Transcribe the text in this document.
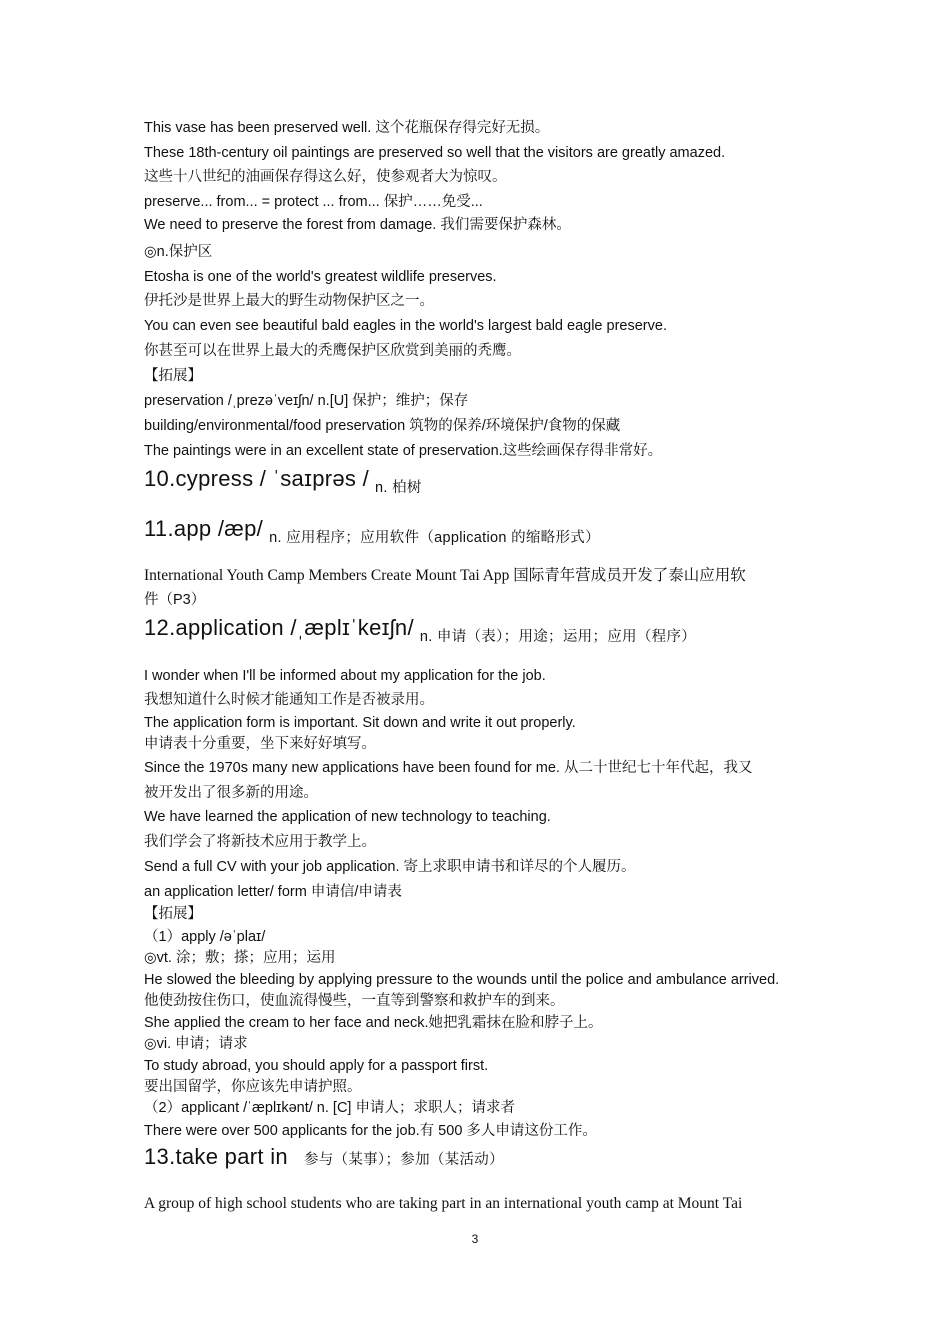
This vase has been preserved well. 这个花瓶保存得完好无损。
These 18th-century oil paintings are preserved so well that the visitors are greatly amazed.
这些十八世纪的油画保存得这么好，使参观者大为惊叹。
preserve... from... = protect ... from... 保护……免受...
We need to preserve the forest from damage. 我们需要保护森林。
◎n.保护区
Etosha is one of the world's greatest wildlife preserves.
伊托沙是世界上最大的野生动物保护区之一。
You can even see beautiful bald eagles in the world's largest bald eagle preserve.
你甚至可以在世界上最大的秃鹰保护区欣赏到美丽的秃鹰。
【拓展】
preservation /ˌprezəˈveɪʃn/ n.[U] 保护；维护；保存
building/environmental/food preservation 筑物的保养/环境保护/食物的保藏
The paintings were in an excellent state of preservation.这些绘画保存得非常好。
10.cypress / ˈsaɪprəs / $_{n. 柏树}$
11.app /æp/ $_{n. 应用程序;应用软件(application 的缩略形式)}$
International Youth Camp Members Create Mount Tai App 国际青年营成员开发了泰山应用软
件（P3）
12.application /ˌæplɪˈkeɪʃn/ $_{n. 申请(表);用途;运用;应用(程序)}$
I wonder when I'll be informed about my application for the job.
我想知道什么时候才能通知工作是否被录用。
The application form is important. Sit down and write it out properly.
申请表十分重要，坐下来好好填写。
Since the 1970s many new applications have been found for me. 从二十世纪七十年代起，我又
被开发出了很多新的用途。
We have learned the application of new technology to teaching.
我们学会了将新技术应用于教学上。
Send a full CV with your job application. 寄上求职申请书和详尽的个人履历。
an application letter/ form 申请信/申请表
【拓展】
（1）apply /əˈplaɪ/
◎vt. 涂；敷；搽；应用；运用
He slowed the bleeding by applying pressure to the wounds until the police and ambulance arrived.
他使劲按住伤口，使血流得慢些，一直等到警察和救护车的到来。
She applied the cream to her face and neck.她把乳霜抹在脸和脖子上。
◎vi. 申请；请求
To study abroad, you should apply for a passport first.
要出国留学，你应该先申请护照。
（2）applicant /ˈæplɪkənt/ n. [C] 申请人；求职人；请求者
There were over 500 applicants for the job.有 500 多人申请这份工作。
13.take part in 参与（某事）；参加（某活动）
A group of high school students who are taking part in an international youth camp at Mount Tai
3
